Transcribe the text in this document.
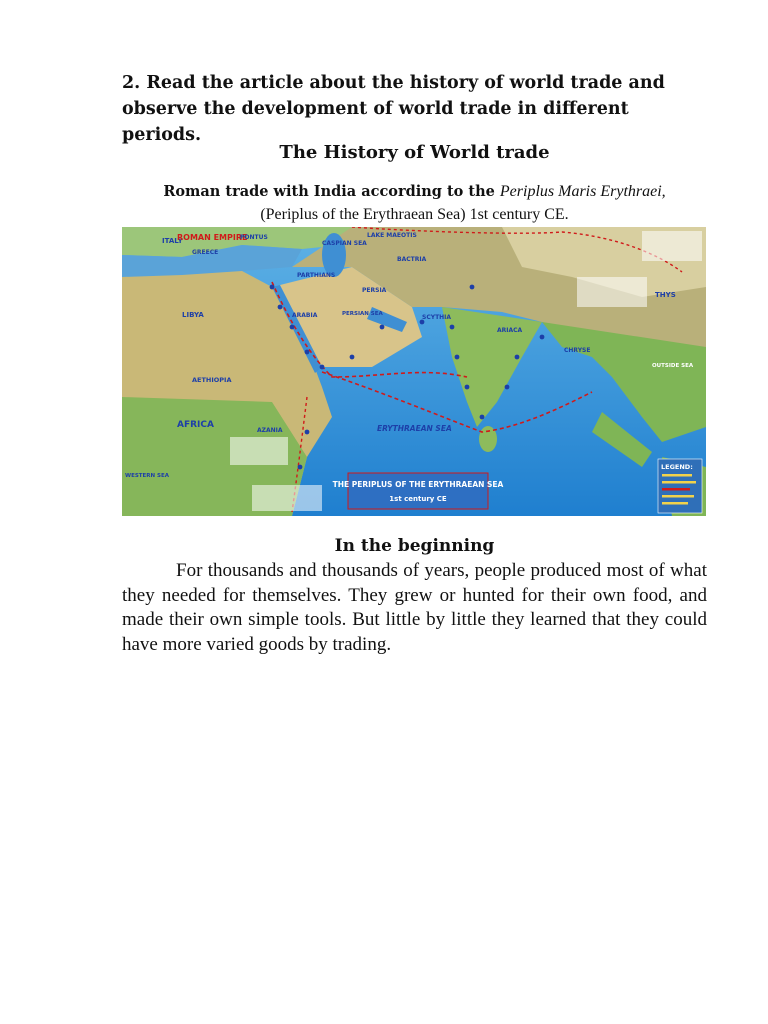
2. Read the article about the history of world trade and observe the development of world trade in different periods.
The History of World trade
Roman trade with India according to the Periplus Maris Erythraei,
(Periplus of the Erythraean Sea) 1st century CE.
ITALY
ROMAN EMPIRE
GREECE
PONTUS	LAKE MAEOTIS
CASPIAN SEA
BACTRIA
PARTHIANS
PERSIA
SCYTHIA
LIBYA	ARABIA	PERSIAN SEA
AETHIOPIA
ARIACA
THYS
CHRYSE
OUTSIDE SEA
AFRICA
AZANIA	ERYTHRAEAN SEA
WESTERN SEA
THE PERIPLUS OF THE ERYTHRAEAN SEA
1st century CE
LEGEND:
In the beginning

For thousands and thousands of years, people produced most of what they needed for themselves. They grew or hunted for their own food, and made their own simple tools. But little by little they learned that they could have more varied goods by trading.
